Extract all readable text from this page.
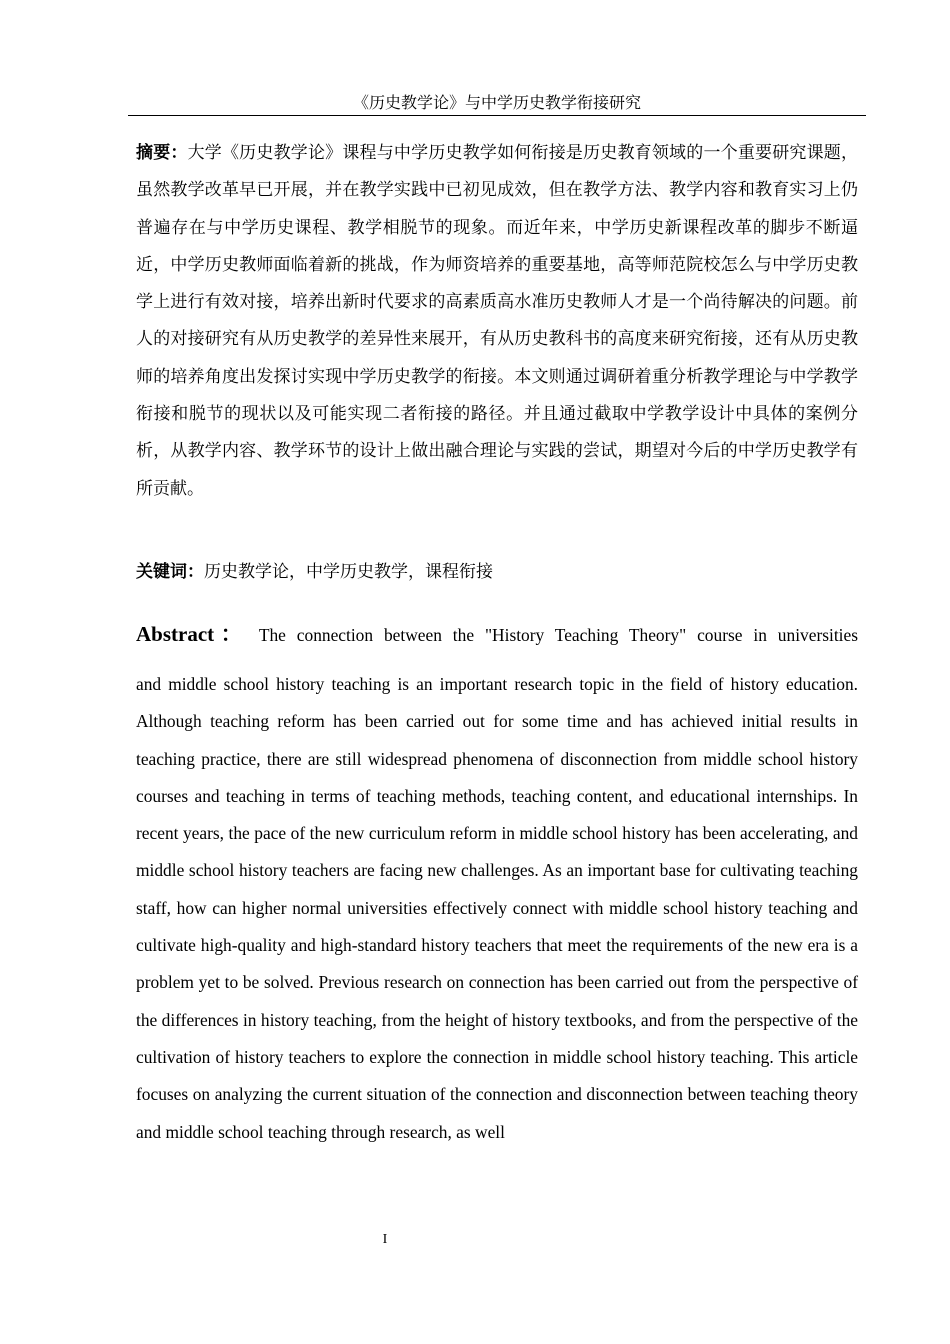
《历史教学论》与中学历史教学衔接研究

摘要：大学《历史教学论》课程与中学历史教学如何衔接是历史教育领域的一个重要研究课题，虽然教学改革早已开展，并在教学实践中已初见成效，但在教学方法、教学内容和教育实习上仍普遍存在与中学历史课程、教学相脱节的现象。而近年来，中学历史新课程改革的脚步不断逼近，中学历史教师面临着新的挑战，作为师资培养的重要基地，高等师范院校怎么与中学历史教学上进行有效对接，培养出新时代要求的高素质高水准历史教师人才是一个尚待解决的问题。前人的对接研究有从历史教学的差异性来展开，有从历史教科书的高度来研究衔接，还有从历史教师的培养角度出发探讨实现中学历史教学的衔接。本文则通过调研着重分析教学理论与中学教学衔接和脱节的现状以及可能实现二者衔接的路径。并且通过截取中学教学设计中具体的案例分析，从教学内容、教学环节的设计上做出融合理论与实践的尝试，期望对今后的中学历史教学有所贡献。

关键词：历史教学论，中学历史教学，课程衔接

Abstract： The connection between the "History Teaching Theory" course in universities
and middle school history teaching is an important research topic in the field of history education. Although teaching reform has been carried out for some time and has achieved initial results in teaching practice, there are still widespread phenomena of disconnection from middle school history courses and teaching in terms of teaching methods, teaching content, and educational internships. In recent years, the pace of the new curriculum reform in middle school history has been accelerating, and middle school history teachers are facing new challenges. As an important base for cultivating teaching staff, how can higher normal universities effectively connect with middle school history teaching and cultivate high-quality and high-standard history teachers that meet the requirements of the new era is a problem yet to be solved. Previous research on connection has been carried out from the perspective of the differences in history teaching, from the height of history textbooks, and from the perspective of the cultivation of history teachers to explore the connection in middle school history teaching. This article focuses on analyzing the current situation of the connection and disconnection between teaching theory and middle school teaching through research, as well
I
